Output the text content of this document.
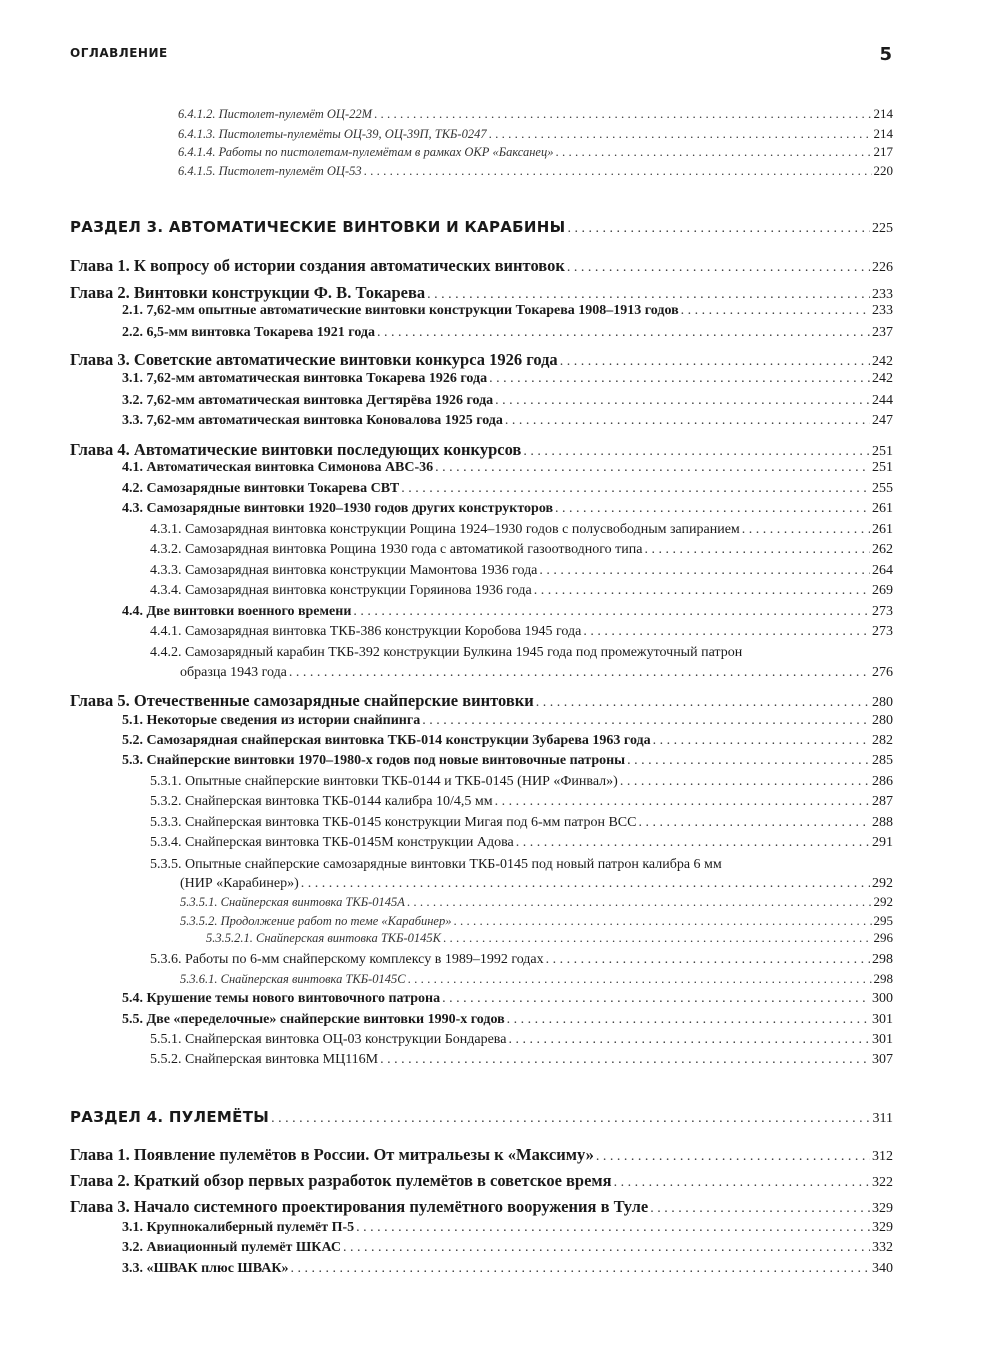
ОГЛАВЛЕНИЕ	5
6.4.1.2. Пистолет-пулемёт ОЦ-22М . . .	214
6.4.1.3. Пистолеты-пулемёты ОЦ-39, ОЦ-39П, ТКБ-0247 . . .	214
6.4.1.4. Работы по пистолетам-пулемётам в рамках ОКР «Баксанец» . . .	217
6.4.1.5. Пистолет-пулемёт ОЦ-53 . . .	220
РАЗДЕЛ 3. АВТОМАТИЧЕСКИЕ ВИНТОВКИ И КАРАБИНЫ . . .	225
Глава 1. К вопросу об истории создания автоматических винтовок . . .	226
Глава 2. Винтовки конструкции Ф. В. Токарева . . .	233
2.1. 7,62-мм опытные автоматические винтовки конструкции Токарева 1908–1913 годов . . .	233
2.2. 6,5-мм винтовка Токарева 1921 года . . .	237
Глава 3. Советские автоматические винтовки конкурса 1926 года . . .	242
3.1. 7,62-мм автоматическая винтовка Токарева 1926 года . . .	242
3.2. 7,62-мм автоматическая винтовка Дегтярёва 1926 года . . .	244
3.3. 7,62-мм автоматическая винтовка Коновалова 1925 года . . .	247
Глава 4. Автоматические винтовки последующих конкурсов . . .	251
4.1. Автоматическая винтовка Симонова АВС-36 . . .	251
4.2. Самозарядные винтовки Токарева СВТ . . .	255
4.3. Самозарядные винтовки 1920–1930 годов других конструкторов . . .	261
4.3.1. Самозарядная винтовка конструкции Рощина 1924–1930 годов с полусвободным запиранием . . .	261
4.3.2. Самозарядная винтовка Рощина 1930 года с автоматикой газоотводного типа . . .	262
4.3.3. Самозарядная винтовка конструкции Мамонтова 1936 года . . .	264
4.3.4. Самозарядная винтовка конструкции Горяинова 1936 года . . .	269
4.4. Две винтовки военного времени . . .	273
4.4.1. Самозарядная винтовка ТКБ-386 конструкции Коробова 1945 года . . .	273
4.4.2. Самозарядный карабин ТКБ-392 конструкции Булкина 1945 года под промежуточный патрон
образца 1943 года . . .	276
Глава 5. Отечественные самозарядные снайперские винтовки . . .	280
5.1. Некоторые сведения из истории снайпинга . . .	280
5.2. Самозарядная снайперская винтовка ТКБ-014 конструкции Зубарева 1963 года . . .	282
5.3. Снайперские винтовки 1970–1980-х годов под новые винтовочные патроны . . .	285
5.3.1. Опытные снайперские винтовки ТКБ-0144 и ТКБ-0145 (НИР «Финвал») . . .	286
5.3.2. Снайперская винтовка ТКБ-0144 калибра 10/4,5 мм . . .	287
5.3.3. Снайперская винтовка ТКБ-0145 конструкции Мигая под 6-мм патрон ВСС . . .	288
5.3.4. Снайперская винтовка ТКБ-0145М конструкции Адова . . .	291
5.3.5. Опытные снайперские самозарядные винтовки ТКБ-0145 под новый патрон калибра 6 мм
(НИР «Карабинер») . . .	292
5.3.5.1. Снайперская винтовка ТКБ-0145А . . .	292
5.3.5.2. Продолжение работ по теме «Карабинер» . . .	295
5.3.5.2.1. Снайперская винтовка ТКБ-0145К . . .	296
5.3.6. Работы по 6-мм снайперскому комплексу в 1989–1992 годах . . .	298
5.3.6.1. Снайперская винтовка ТКБ-0145С . . .	298
5.4. Крушение темы нового винтовочного патрона . . .	300
5.5. Две «переделочные» снайперские винтовки 1990-х годов . . .	301
5.5.1. Снайперская винтовка ОЦ-03 конструкции Бондарева . . .	301
5.5.2. Снайперская винтовка МЦ116М . . .	307
РАЗДЕЛ 4. ПУЛЕМЁТЫ . . .	311
Глава 1. Появление пулемётов в России. От митральезы к «Максиму» . . .	312
Глава 2. Краткий обзор первых разработок пулемётов в советское время . . .	322
Глава 3. Начало системного проектирования пулемётного вооружения в Туле . . .	329
3.1. Крупнокалиберный пулемёт П-5 . . .	329
3.2. Авиационный пулемёт ШКАС . . .	332
3.3. «ШВАК плюс ШВАК» . . .	340
